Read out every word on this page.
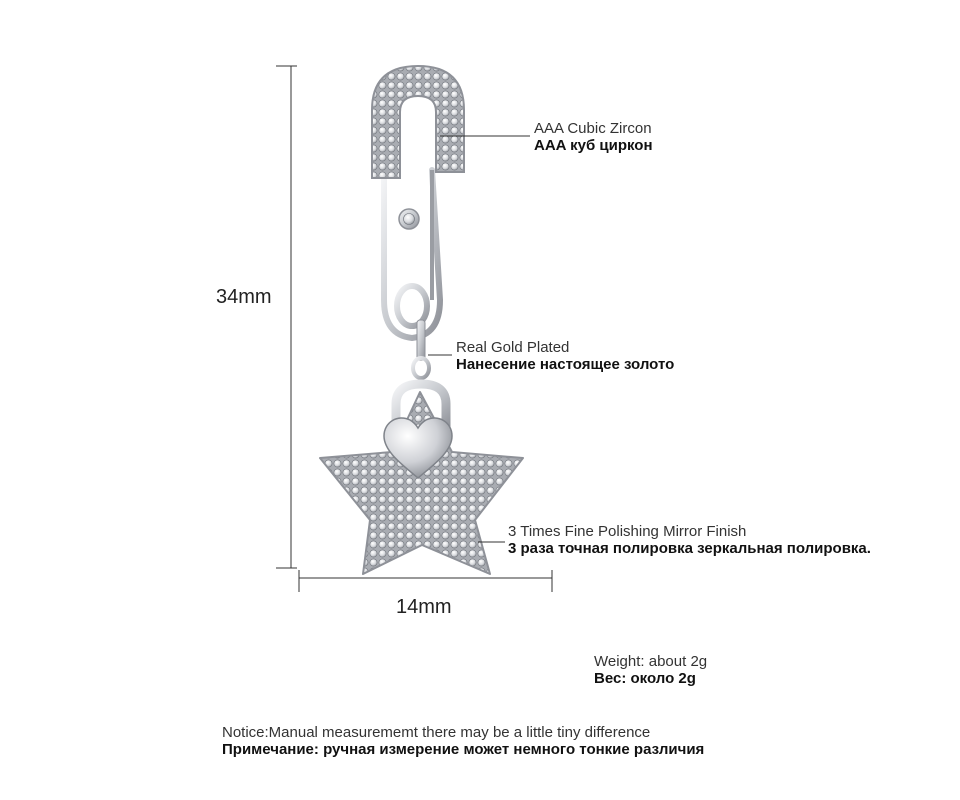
34mm
14mm
AAA Cubic Zircon
AAA куб циркон
Real Gold Plated
Нанесение настоящее золото
3 Times Fine Polishing Mirror Finish
3 раза точная полировка зеркальная полировка.
Weight: about 2g
Вес: около 2g
Notice:Manual measurememt there may be a little tiny difference
Примечание: ручная измерение может немного тонкие различия
